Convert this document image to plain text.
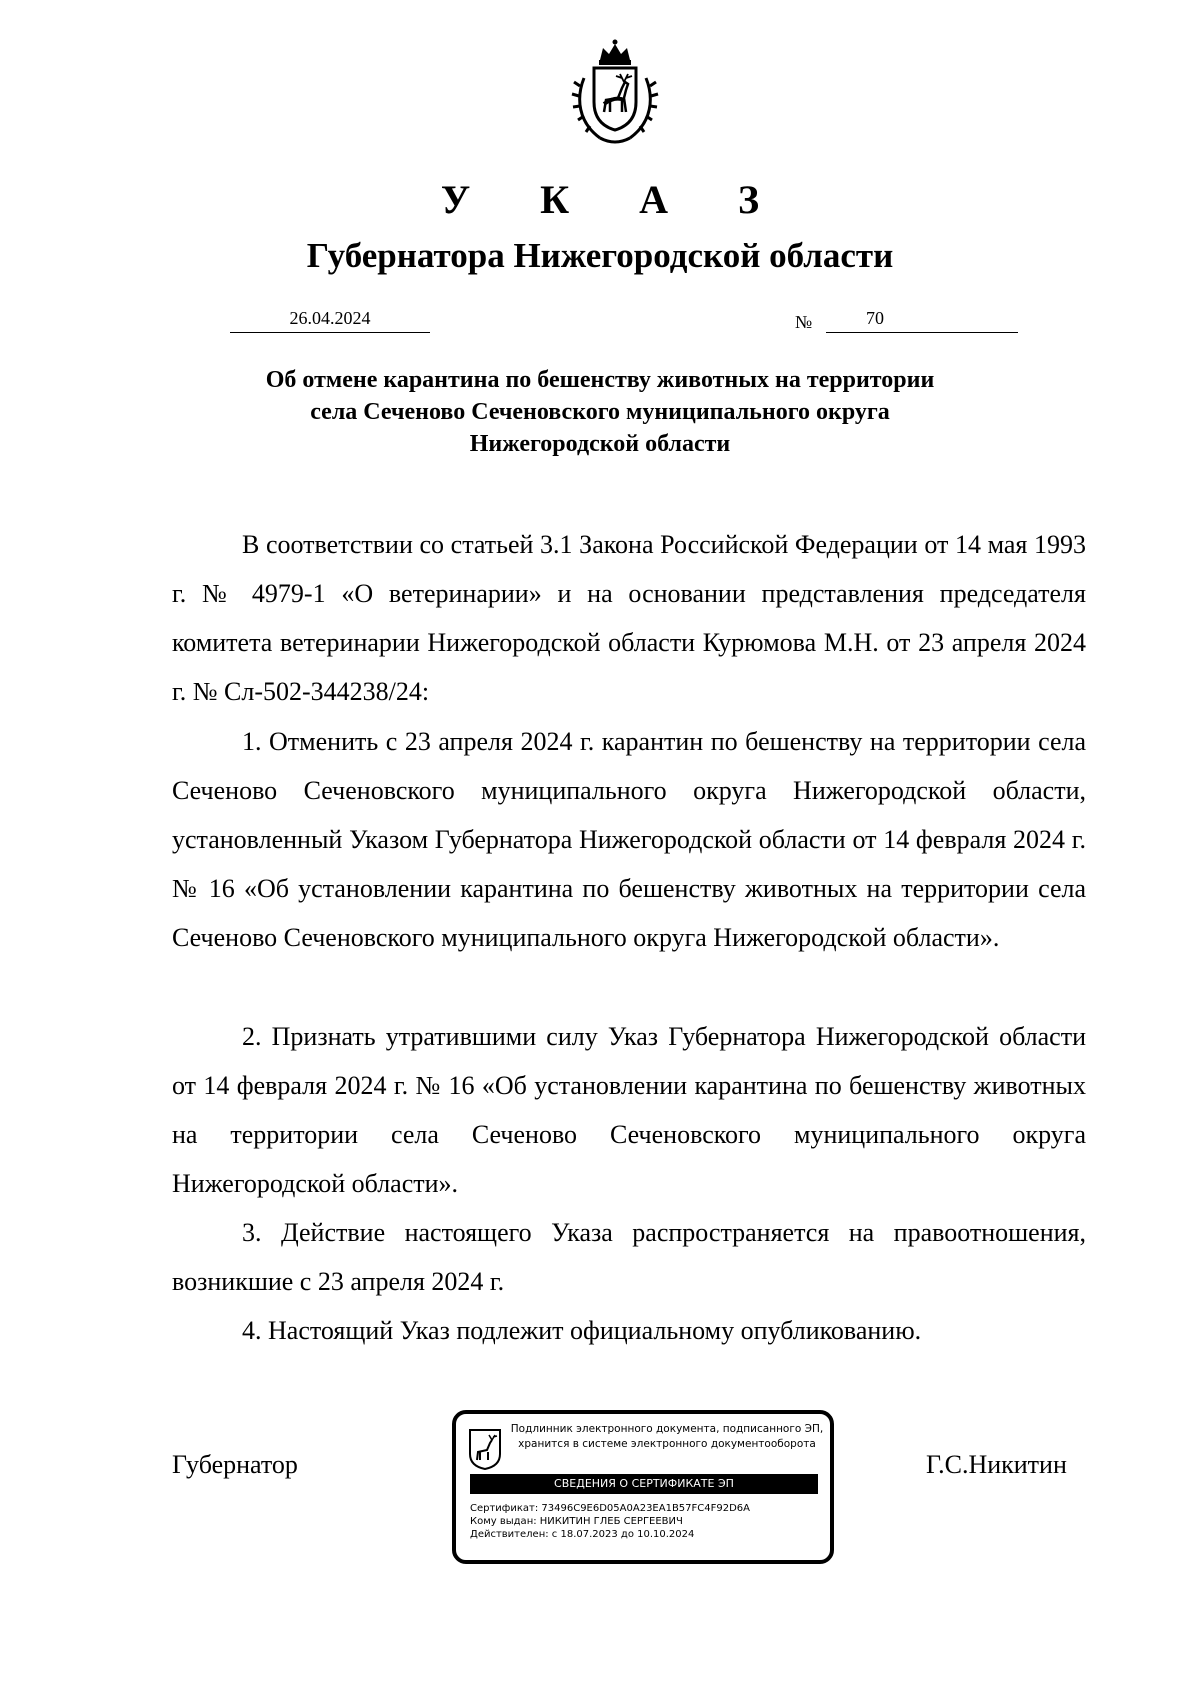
У К А З
Губернатора Нижегородской области
26.04.2024	№	70
Об отмене карантина по бешенству животных на территории
села Сеченово Сеченовского муниципального округа
Нижегородской области

В соответствии со статьей 3.1 Закона Российской Федерации от 14 мая 1993 г. № 4979-1 «О ветеринарии» и на основании представления председателя комитета ветеринарии Нижегородской области Курюмова М.Н. от 23 апреля 2024 г. № Сл-502-344238/24:

1. Отменить с 23 апреля 2024 г. карантин по бешенству на территории села Сеченово Сеченовского муниципального округа Нижегородской области, установленный Указом Губернатора Нижегородской области от 14 февраля 2024 г. № 16 «Об установлении карантина по бешенству животных на территории села Сеченово Сеченовского муниципального округа Нижегородской области».

2. Признать утратившими силу Указ Губернатора Нижегородской области от 14 февраля 2024 г. № 16 «Об установлении карантина по бешенству животных на территории села Сеченово Сеченовского муниципального округа Нижегородской области».

3. Действие настоящего Указа распространяется на правоотношения, возникшие с 23 апреля 2024 г.

4. Настоящий Указ подлежит официальному опубликованию.

Губернатор	Г.С.Никитин
Подлинник электронного документа, подписанного ЭП,
хранится в системе электронного документооборота
СВЕДЕНИЯ О СЕРТИФИКАТЕ ЭП
Сертификат: 73496C9E6D05A0A23EA1B57FC4F92D6A
Кому выдан: НИКИТИН ГЛЕБ СЕРГЕЕВИЧ
Действителен: с 18.07.2023 до 10.10.2024
